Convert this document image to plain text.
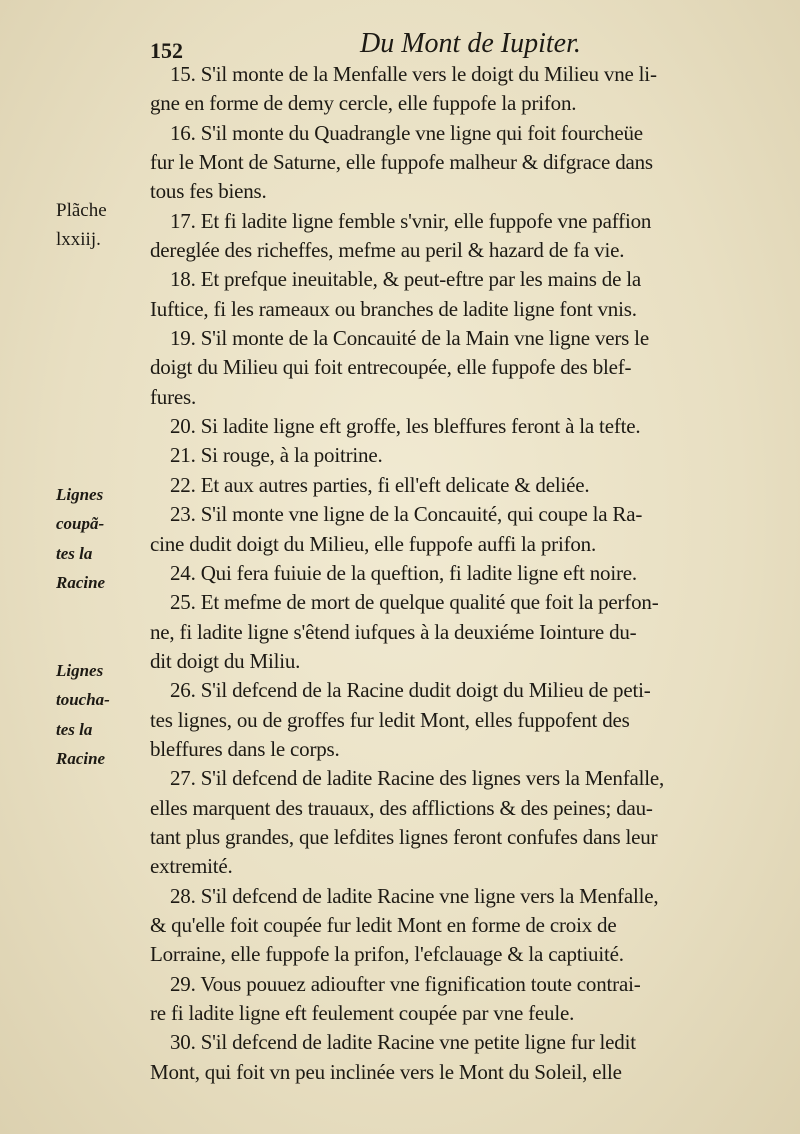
152	Du Mont de Iupiter.
Plãche
lxxiij.
Lignes
coupã-
tes la
Racine
Lignes
toucha-
tes la
Racine
15. S'il monte de la Menfalle vers le doigt du Milieu vne li-
gne en forme de demy cercle, elle fuppofe la prifon.
16. S'il monte du Quadrangle vne ligne qui foit fourcheüe
fur le Mont de Saturne, elle fuppofe malheur & difgrace dans
tous fes biens.
17. Et fi ladite ligne femble s'vnir, elle fuppofe vne paffion
dereglée des richeffes, mefme au peril & hazard de fa vie.
18. Et prefque ineuitable, & peut-eftre par les mains de la
Iuftice, fi les rameaux ou branches de ladite ligne font vnis.
19. S'il monte de la Concauité de la Main vne ligne vers le
doigt du Milieu qui foit entrecoupée, elle fuppofe des blef-
fures.
20. Si ladite ligne eft groffe, les bleffures feront à la tefte.
21. Si rouge, à la poitrine.
22. Et aux autres parties, fi ell'eft delicate & deliée.
23. S'il monte vne ligne de la Concauité, qui coupe la Ra-
cine dudit doigt du Milieu, elle fuppofe auffi la prifon.
24. Qui fera fuiuie de la queftion, fi ladite ligne eft noire.
25. Et mefme de mort de quelque qualité que foit la perfon-
ne, fi ladite ligne s'êtend iufques à la deuxiéme Iointure du-
dit doigt du Miliu.
26. S'il defcend de la Racine dudit doigt du Milieu de peti-
tes lignes, ou de groffes fur ledit Mont, elles fuppofent des
bleffures dans le corps.
27. S'il defcend de ladite Racine des lignes vers la Menfalle,
elles marquent des trauaux, des afflictions & des peines; dau-
tant plus grandes, que lefdites lignes feront confufes dans leur
extremité.
28. S'il defcend de ladite Racine vne ligne vers la Menfalle,
& qu'elle foit coupée fur ledit Mont en forme de croix de
Lorraine, elle fuppofe la prifon, l'efclauage & la captiuité.
29. Vous pouuez adioufter vne fignification toute contrai-
re fi ladite ligne eft feulement coupée par vne feule.
30. S'il defcend de ladite Racine vne petite ligne fur ledit
Mont, qui foit vn peu inclinée vers le Mont du Soleil, elle
